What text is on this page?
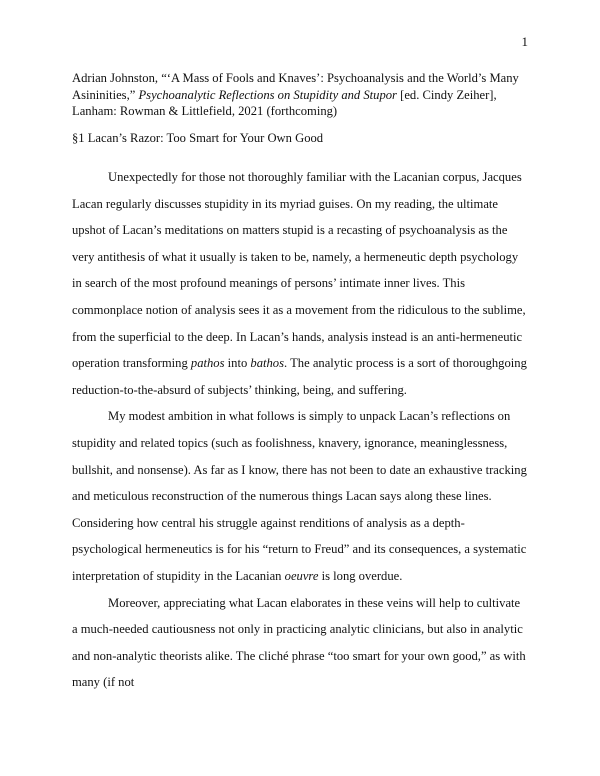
1
Adrian Johnston, “‘A Mass of Fools and Knaves’: Psychoanalysis and the World’s Many Asininities,” Psychoanalytic Reflections on Stupidity and Stupor [ed. Cindy Zeiher], Lanham: Rowman & Littlefield, 2021 (forthcoming)
§1 Lacan’s Razor: Too Smart for Your Own Good

Unexpectedly for those not thoroughly familiar with the Lacanian corpus, Jacques Lacan regularly discusses stupidity in its myriad guises. On my reading, the ultimate upshot of Lacan’s meditations on matters stupid is a recasting of psychoanalysis as the very antithesis of what it usually is taken to be, namely, a hermeneutic depth psychology in search of the most profound meanings of persons’ intimate inner lives. This commonplace notion of analysis sees it as a movement from the ridiculous to the sublime, from the superficial to the deep. In Lacan’s hands, analysis instead is an anti-hermeneutic operation transforming pathos into bathos. The analytic process is a sort of thoroughgoing reduction-to-the-absurd of subjects’ thinking, being, and suffering.

My modest ambition in what follows is simply to unpack Lacan’s reflections on stupidity and related topics (such as foolishness, knavery, ignorance, meaninglessness, bullshit, and nonsense). As far as I know, there has not been to date an exhaustive tracking and meticulous reconstruction of the numerous things Lacan says along these lines. Considering how central his struggle against renditions of analysis as a depth-psychological hermeneutics is for his “return to Freud” and its consequences, a systematic interpretation of stupidity in the Lacanian oeuvre is long overdue.

Moreover, appreciating what Lacan elaborates in these veins will help to cultivate a much-needed cautiousness not only in practicing analytic clinicians, but also in analytic and non-analytic theorists alike. The cliché phrase “too smart for your own good,” as with many (if not
